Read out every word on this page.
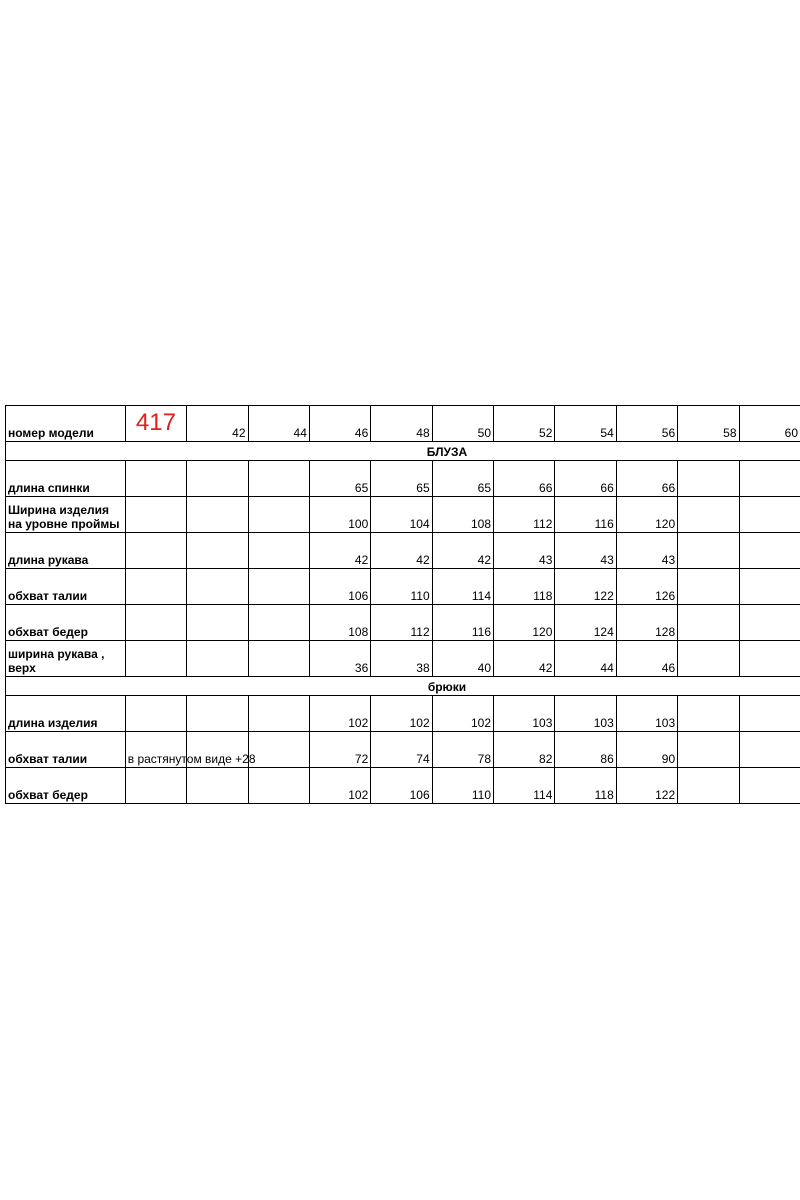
номер модели	417	42	44	46	48	50	52	54	56	58	60
БЛУЗА											
длина спинки				65	65	65	66	66	66		
Ширина изделия на уровне проймы				100	104	108	112	116	120		
длина рукава				42	42	42	43	43	43		
обхват талии				106	110	114	118	122	126		
обхват бедер				108	112	116	120	124	128		
ширина рукава , верх				36	38	40	42	44	46		
брюки											
длина изделия				102	102	102	103	103	103		
обхват талии	в растянутом виде +28			72	74	78	82	86	90		
обхват бедер				102	106	110	114	118	122		
